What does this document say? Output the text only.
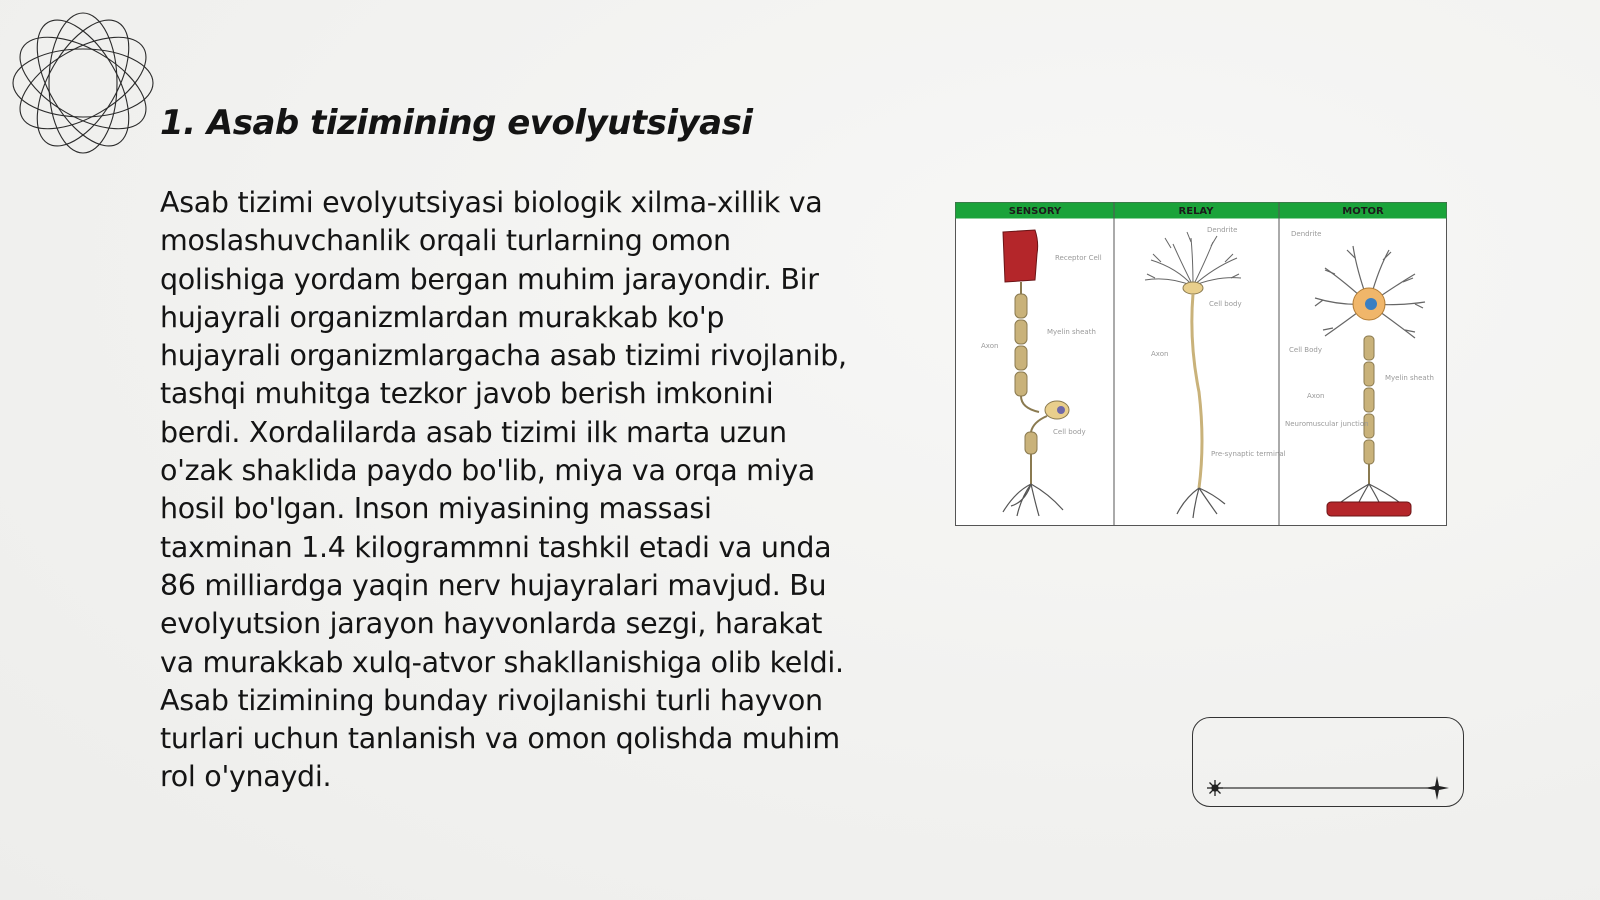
1. Asab tizimining evolyutsiyasi
Asab tizimi evolyutsiyasi biologik xilma-xillik va moslashuvchanlik orqali turlarning omon qolishiga yordam bergan muhim jarayondir. Bir hujayrali organizmlardan murakkab ko'p hujayrali organizmlargacha asab tizimi rivojlanib, tashqi muhitga tezkor javob berish imkonini berdi. Xordalilarda asab tizimi ilk marta uzun o'zak shaklida paydo bo'lib, miya va orqa miya hosil bo'lgan. Inson miyasining massasi taxminan 1.4 kilogrammni tashkil etadi va unda 86 milliardga yaqin nerv hujayralari mavjud. Bu evolyutsion jarayon hayvonlarda sezgi, harakat va murakkab xulq-atvor shakllanishiga olib keldi. Asab tizimining bunday rivojlanishi turli hayvon turlari uchun tanlanish va omon qolishda muhim rol o'ynaydi.
SENSORY	RELAY	MOTOR
Receptor Cell
Myelin sheath
Axon
Cell body
Dendrite
Cell body
Axon
Pre-synaptic terminal
Dendrite
Cell Body
Axon
Myelin sheath
Neuromuscular junction
